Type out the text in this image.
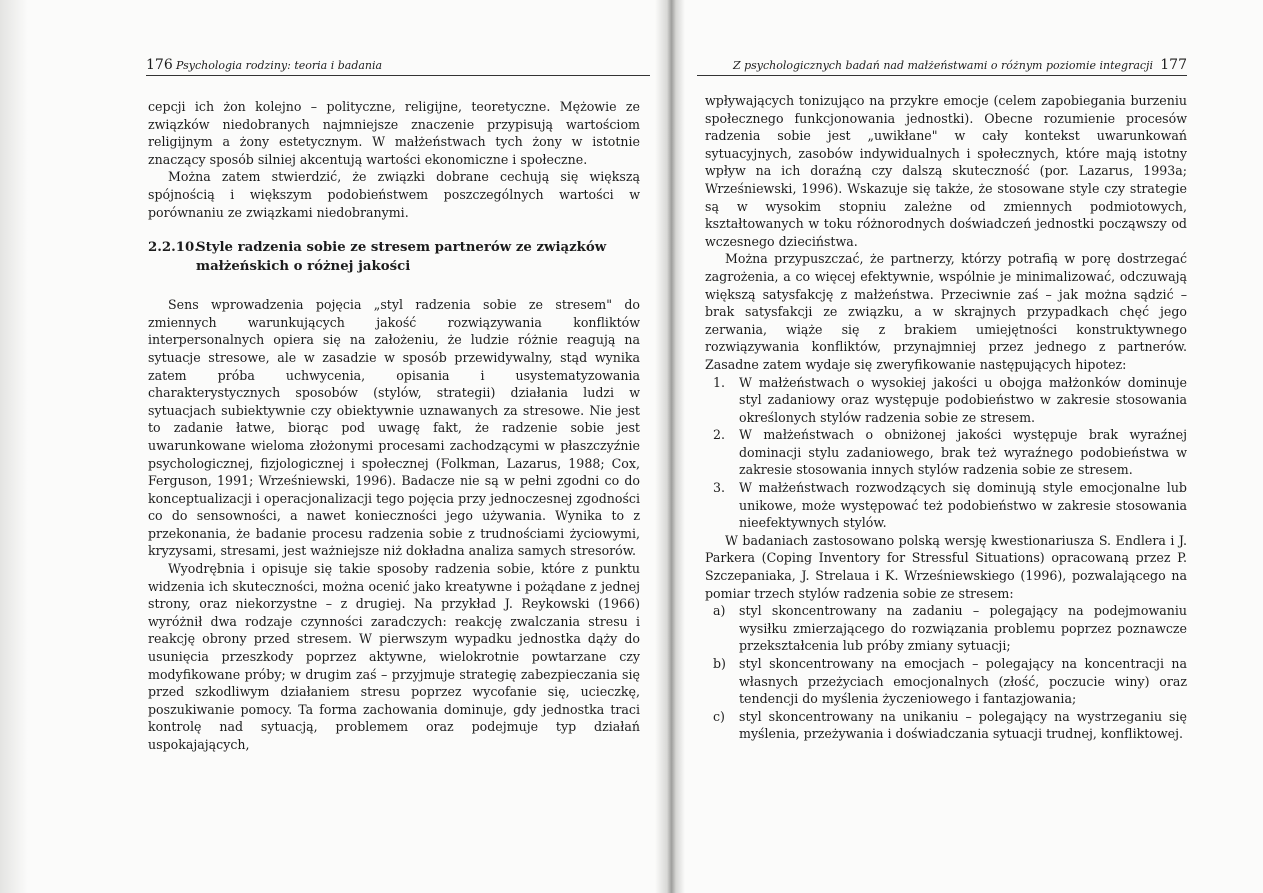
176 Psychologia rodziny: teoria i badania

cepcji ich żon kolejno – polityczne, religijne, teoretyczne. Mężowie ze związków niedobranych najmniejsze znaczenie przypisują wartościom religijnym a żony estetycznym. W małżeństwach tych żony w istotnie znaczący sposób silniej akcentują wartości ekonomiczne i społeczne.

Można zatem stwierdzić, że związki dobrane cechują się większą spójnością i większym podobieństwem poszczególnych wartości w porównaniu ze związkami niedobranymi.

2.2.10.Style radzenia sobie ze stresem partnerów ze związków
małżeńskich o różnej jakości

Sens wprowadzenia pojęcia „styl radzenia sobie ze stresem" do zmiennych warunkujących jakość rozwiązywania konfliktów interpersonalnych opiera się na założeniu, że ludzie różnie reagują na sytuacje stresowe, ale w zasadzie w sposób przewidywalny, stąd wynika zatem próba uchwycenia, opisania i usystematyzowania charakterystycznych sposobów (stylów, strategii) działania ludzi w sytuacjach subiektywnie czy obiektywnie uznawanych za stresowe. Nie jest to zadanie łatwe, biorąc pod uwagę fakt, że radzenie sobie jest uwarunkowane wieloma złożonymi procesami zachodzącymi w płaszczyźnie psychologicznej, fizjologicznej i społecznej (Folkman, Lazarus, 1988; Cox, Ferguson, 1991; Wrześniewski, 1996). Badacze nie są w pełni zgodni co do konceptualizacji i operacjonalizacji tego pojęcia przy jednoczesnej zgodności co do sensowności, a nawet konieczności jego używania. Wynika to z przekonania, że badanie procesu radzenia sobie z trudnościami życiowymi, kryzysami, stresami, jest ważniejsze niż dokładna analiza samych stresorów.

Wyodrębnia i opisuje się takie sposoby radzenia sobie, które z punktu widzenia ich skuteczności, można ocenić jako kreatywne i pożądane z jednej strony, oraz niekorzystne – z drugiej. Na przykład J. Reykowski (1966) wyróżnił dwa rodzaje czynności zaradczych: reakcję zwalczania stresu i reakcję obrony przed stresem. W pierwszym wypadku jednostka dąży do usunięcia przeszkody poprzez aktywne, wielokrotnie powtarzane czy modyfikowane próby; w drugim zaś – przyjmuje strategię zabezpieczania się przed szkodliwym działaniem stresu poprzez wycofanie się, ucieczkę, poszukiwanie pomocy. Ta forma zachowania dominuje, gdy jednostka traci kontrolę nad sytuacją, problemem oraz podejmuje typ działań uspokajających,

Z psychologicznych badań nad małżeństwami o różnym poziomie integracji 177

wpływających tonizująco na przykre emocje (celem zapobiegania burzeniu społecznego funkcjonowania jednostki). Obecne rozumienie procesów radzenia sobie jest „uwikłane" w cały kontekst uwarunkowań sytuacyjnych, zasobów indywidualnych i społecznych, które mają istotny wpływ na ich doraźną czy dalszą skuteczność (por. Lazarus, 1993a; Wrześniewski, 1996). Wskazuje się także, że stosowane style czy strategie są w wysokim stopniu zależne od zmiennych podmiotowych, kształtowanych w toku różnorodnych doświadczeń jednostki począwszy od wczesnego dzieciństwa.

Można przypuszczać, że partnerzy, którzy potrafią w porę dostrzegać zagrożenia, a co więcej efektywnie, wspólnie je minimalizować, odczuwają większą satysfakcję z małżeństwa. Przeciwnie zaś – jak można sądzić – brak satysfakcji ze związku, a w skrajnych przypadkach chęć jego zerwania, wiąże się z brakiem umiejętności konstruktywnego rozwiązywania konfliktów, przynajmniej przez jednego z partnerów. Zasadne zatem wydaje się zweryfikowanie następujących hipotez:

1. W małżeństwach o wysokiej jakości u obojga małżonków dominuje styl zadaniowy oraz występuje podobieństwo w zakresie stosowania określonych stylów radzenia sobie ze stresem.
2. W małżeństwach o obniżonej jakości występuje brak wyraźnej dominacji stylu zadaniowego, brak też wyraźnego podobieństwa w zakresie stosowania innych stylów radzenia sobie ze stresem.
3. W małżeństwach rozwodzących się dominują style emocjonalne lub unikowe, może występować też podobieństwo w zakresie stosowania nieefektywnych stylów.

W badaniach zastosowano polską wersję kwestionariusza S. Endlera i J. Parkera (Coping Inventory for Stressful Situations) opracowaną przez P. Szczepaniaka, J. Strelaua i K. Wrześniewskiego (1996), pozwalającego na pomiar trzech stylów radzenia sobie ze stresem:

a) styl skoncentrowany na zadaniu – polegający na podejmowaniu wysiłku zmierzającego do rozwiązania problemu poprzez poznawcze przekształcenia lub próby zmiany sytuacji;
b) styl skoncentrowany na emocjach – polegający na koncentracji na własnych przeżyciach emocjonalnych (złość, poczucie winy) oraz tendencji do myślenia życzeniowego i fantazjowania;
c) styl skoncentrowany na unikaniu – polegający na wystrzeganiu się myślenia, przeżywania i doświadczania sytuacji trudnej, konfliktowej.
